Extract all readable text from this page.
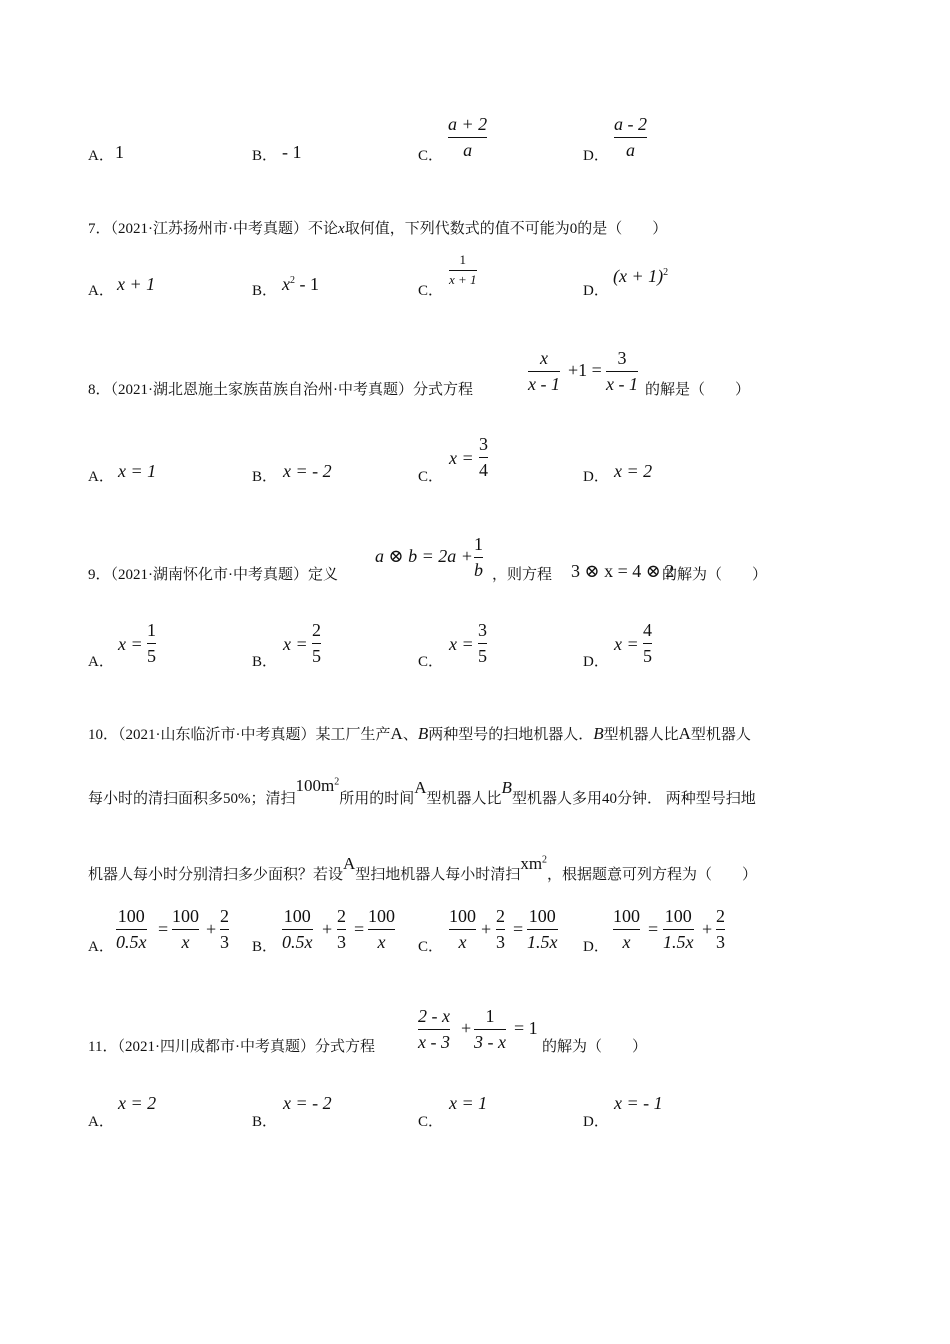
A． 1	B． - 1	C．
a + 2
a	D．
a - 2
a
7．（2021·江苏扬州市·中考真题）不论x取何值，下列代数式的值不可能为0的是（　　）
A． x + 1	B． $x^2 - 1$	C．
1
x + 1
D．
$(x + 1)^2$
8．（2021·湖北恩施土家族苗族自治州·中考真题）分式方程
x
x - 1
+1 =
3
x - 1 的解是（　　）
A． x = 1	B． x = - 2	C．
x =
3
4	D． x = 2
9．（2021·湖南怀化市·中考真题）定义
a ⊗ b = 2a +
1
b ，则方程 3 ⊗ x = 4 ⊗ 2
的解为（　　）
A．
x =
1
5	B．
x =
2
5	C．
x =
3
5	D．
x =
4
5
10．（2021·山东临沂市·中考真题）某工厂生产A、B两种型号的扫地机器人．B型机器人比A型机器人
每小时的清扫面积多50%；清扫$100m^2$所用的时间A型机器人比B型机器人多用40分钟． 两种型号扫地
机器人每小时分别清扫多少面积？若设A型扫地机器人每小时清扫$xm^2$，根据题意可列方程为（　　）
A．
100
0.5x
=
100
x
+
2
3 B．
100
0.5x
+
2
3
=
100
x C．
100
x
+
2
3
=
100
1.5x D．
100
x
=
100
1.5x
+
2
3
11．（2021·四川成都市·中考真题）分式方程
2 - x
x - 3
+
1
3 - x
= 1
的解为（　　）
A．
x = 2
B．
x = - 2
C．
x = 1
D．
x = - 1
